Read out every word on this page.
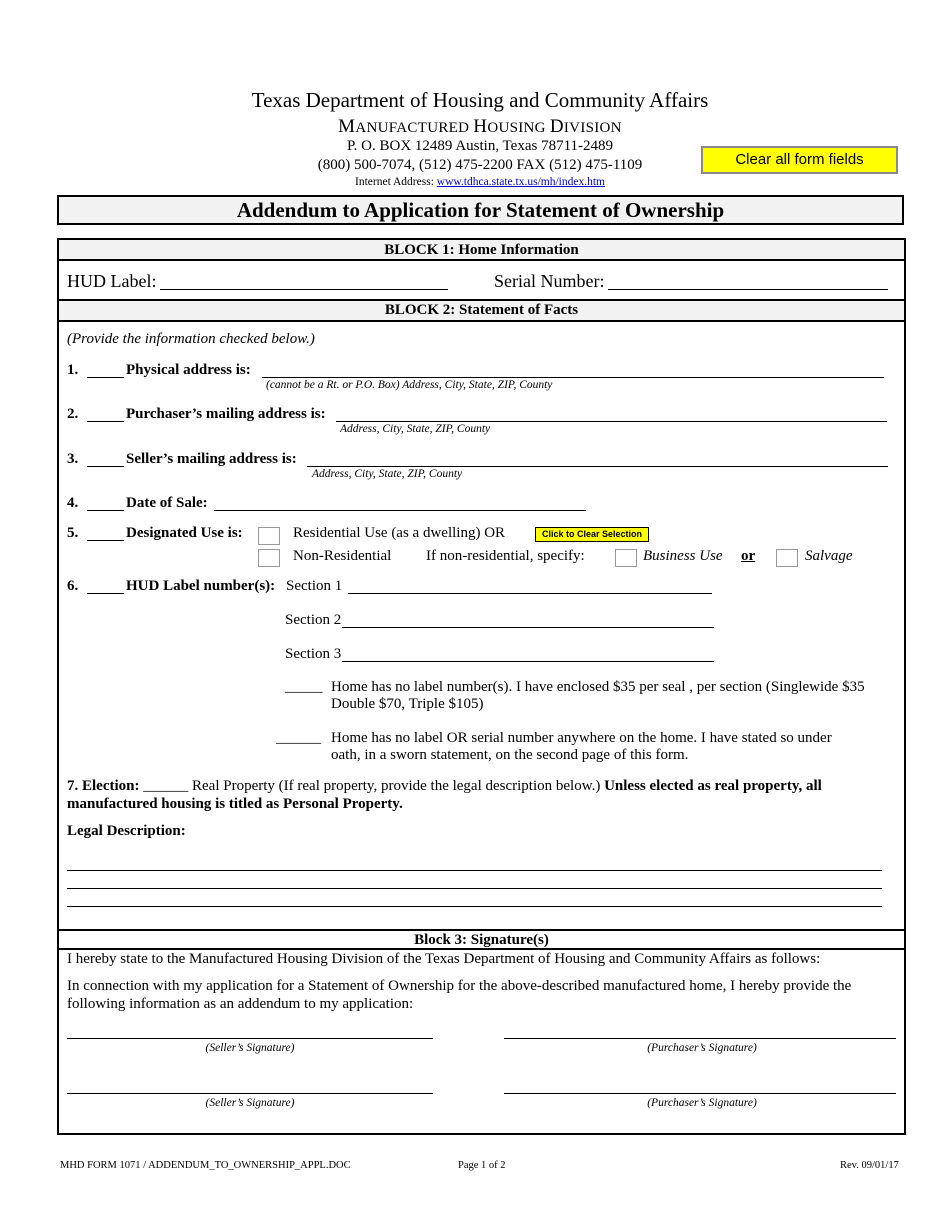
Texas Department of Housing and Community Affairs
MANUFACTURED HOUSING DIVISION
P. O. BOX 12489 Austin, Texas 78711-2489
(800) 500-7074, (512) 475-2200 FAX (512) 475-1109
Internet Address: www.tdhca.state.tx.us/mh/index.htm
Clear all form fields
Addendum to Application for Statement of Ownership
BLOCK 1: Home Information
HUD Label:	Serial Number:
BLOCK 2: Statement of Facts
(Provide the information checked below.)
1.	Physical address is:
(cannot be a Rt. or P.O. Box) Address, City, State, ZIP, County
2.	Purchaser’s mailing address is:
Address, City, State, ZIP, County
3.	Seller’s mailing address is:
Address, City, State, ZIP, County
4.	Date of Sale:
5.	Designated Use is:	Residential Use (as a dwelling) OR	Click to Clear Selection
Non-Residential If non-residential, specify:	Business Use or	Salvage
6.	HUD Label number(s): Section 1
Section 2
Section 3
_____ Home has no label number(s). I have enclosed $35 per seal , per section (Singlewide $35
Double $70, Triple $105)
______ Home has no label OR serial number anywhere on the home. I have stated so under
oath, in a sworn statement, on the second page of this form.
7. Election: ______ Real Property (If real property, provide the legal description below.) Unless elected as real property, all
manufactured housing is titled as Personal Property.
Legal Description:
Block 3: Signature(s)
I hereby state to the Manufactured Housing Division of the Texas Department of Housing and Community Affairs as follows:
In connection with my application for a Statement of Ownership for the above-described manufactured home, I hereby provide the
following information as an addendum to my application:
(Seller’s Signature)	(Purchaser’s Signature)
(Seller’s Signature)	(Purchaser’s Signature)
MHD FORM 1071 / ADDENDUM_TO_OWNERSHIP_APPL.DOC	Page 1 of 2	Rev. 09/01/17
